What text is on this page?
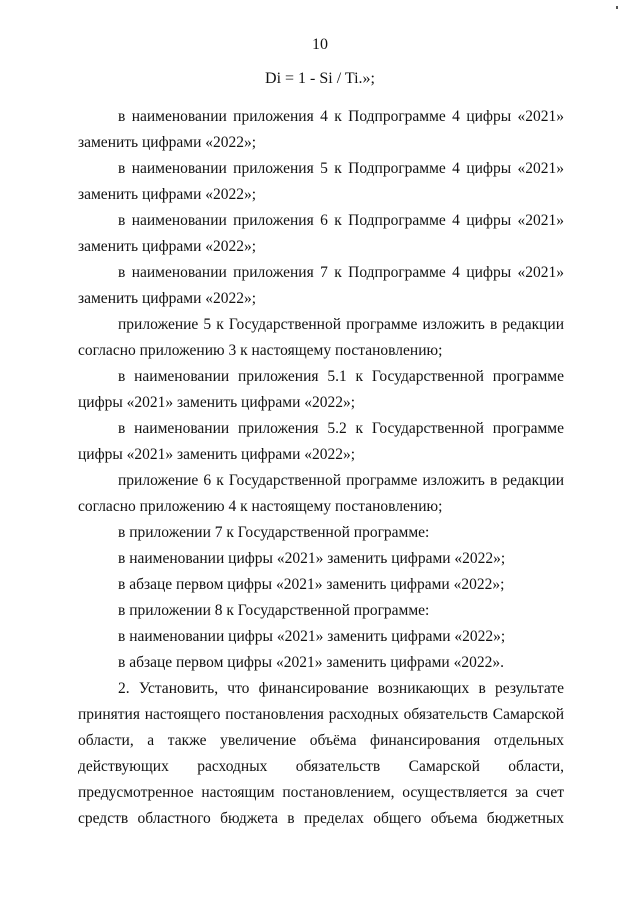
10
Di = 1 - Si / Ti.»;

в наименовании приложения 4 к Подпрограмме 4 цифры «2021»
заменить цифрами «2022»;

в наименовании приложения 5 к Подпрограмме 4 цифры «2021»
заменить цифрами «2022»;

в наименовании приложения 6 к Подпрограмме 4 цифры «2021»
заменить цифрами «2022»;

в наименовании приложения 7 к Подпрограмме 4 цифры «2021»
заменить цифрами «2022»;

приложение 5 к Государственной программе изложить в редакции
согласно приложению 3 к настоящему постановлению;

в наименовании приложения 5.1 к Государственной программе
цифры «2021» заменить цифрами «2022»;

в наименовании приложения 5.2 к Государственной программе
цифры «2021» заменить цифрами «2022»;

приложение 6 к Государственной программе изложить в редакции
согласно приложению 4 к настоящему постановлению;

в приложении 7 к Государственной программе:

в наименовании цифры «2021» заменить цифрами «2022»;

в абзаце первом цифры «2021» заменить цифрами «2022»;

в приложении 8 к Государственной программе:

в наименовании цифры «2021» заменить цифрами «2022»;

в абзаце первом цифры «2021» заменить цифрами «2022».

2. Установить, что финансирование возникающих в результате
принятия настоящего постановления расходных обязательств Самарской
области, а также увеличение объёма финансирования отдельных
действующих расходных обязательств Самарской области,
предусмотренное настоящим постановлением, осуществляется за счет
средств областного бюджета в пределах общего объема бюджетных
